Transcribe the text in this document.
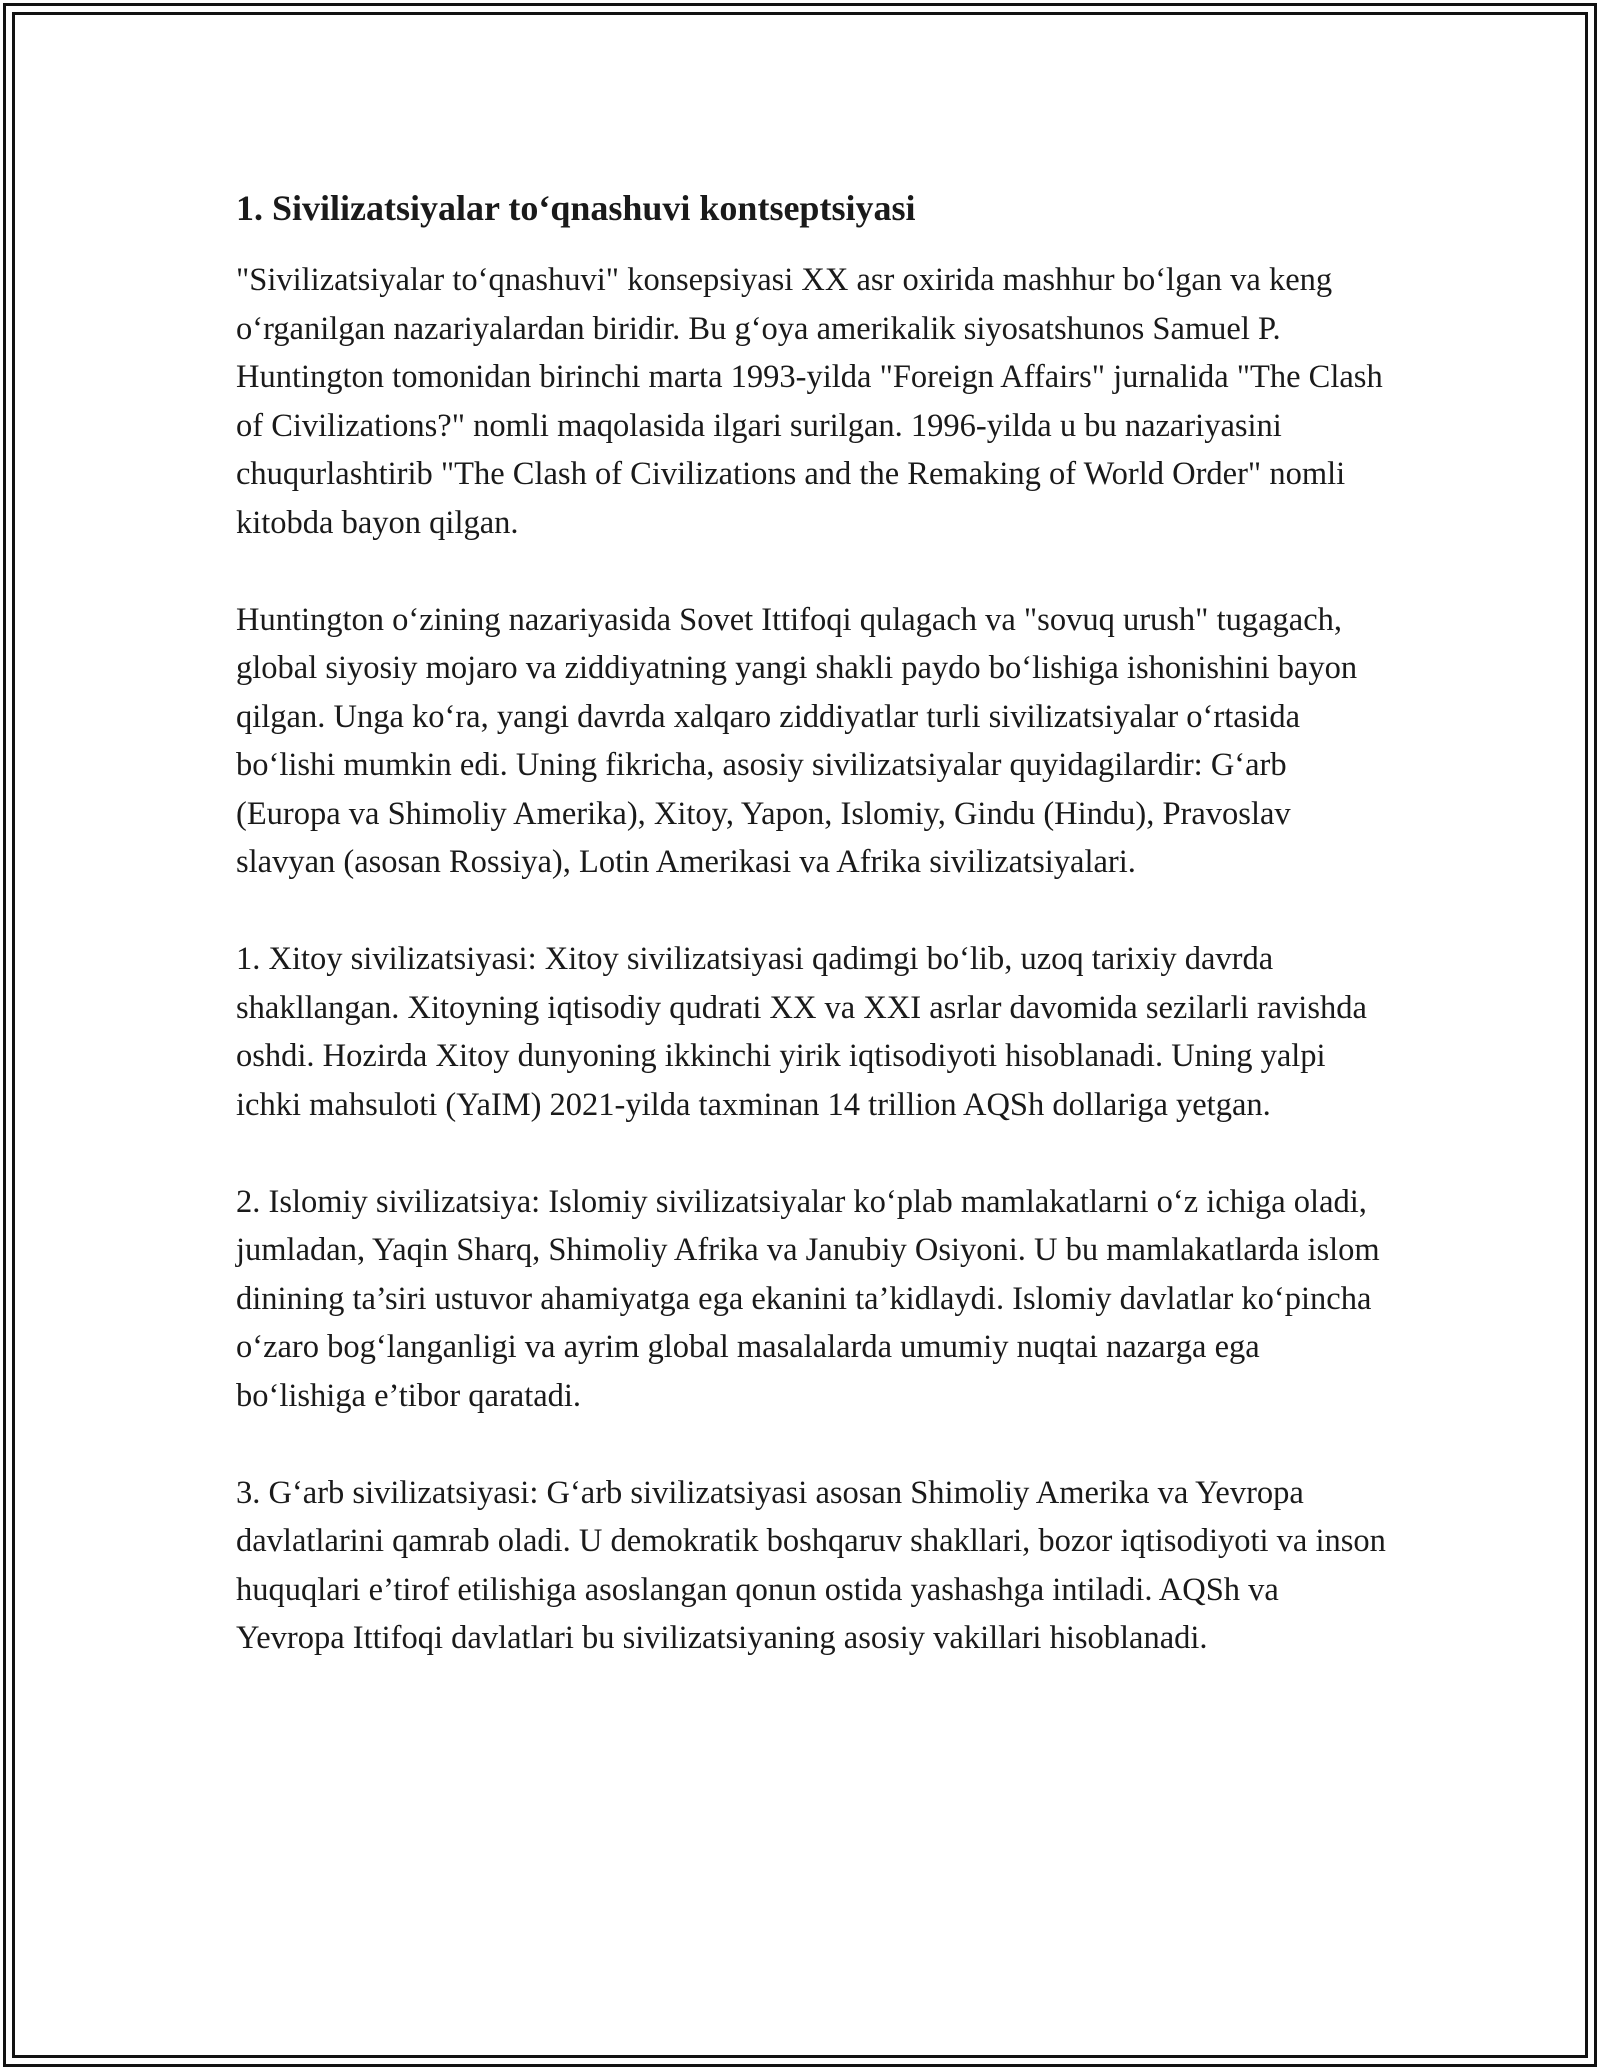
1. Sivilizatsiyalar to‘qnashuvi kontseptsiyasi

"Sivilizatsiyalar to‘qnashuvi" konsepsiyasi XX asr oxirida mashhur bo‘lgan va keng o‘rganilgan nazariyalardan biridir. Bu g‘oya amerikalik siyosatshunos Samuel P. Huntington tomonidan birinchi marta 1993-yilda "Foreign Affairs" jurnalida "The Clash of Civilizations?" nomli maqolasida ilgari surilgan. 1996-yilda u bu nazariyasini chuqurlashtirib "The Clash of Civilizations and the Remaking of World Order" nomli kitobda bayon qilgan.

Huntington o‘zining nazariyasida Sovet Ittifoqi qulagach va "sovuq urush" tugagach, global siyosiy mojaro va ziddiyatning yangi shakli paydo bo‘lishiga ishonishini bayon qilgan. Unga ko‘ra, yangi davrda xalqaro ziddiyatlar turli sivilizatsiyalar o‘rtasida bo‘lishi mumkin edi. Uning fikricha, asosiy sivilizatsiyalar quyidagilardir: G‘arb (Europa va Shimoliy Amerika), Xitoy, Yapon, Islomiy, Gindu (Hindu), Pravoslav slavyan (asosan Rossiya), Lotin Amerikasi va Afrika sivilizatsiyalari.

1. Xitoy sivilizatsiyasi: Xitoy sivilizatsiyasi qadimgi bo‘lib, uzoq tarixiy davrda shakllangan. Xitoyning iqtisodiy qudrati XX va XXI asrlar davomida sezilarli ravishda oshdi. Hozirda Xitoy dunyoning ikkinchi yirik iqtisodiyoti hisoblanadi. Uning yalpi ichki mahsuloti (YaIM) 2021-yilda taxminan 14 trillion AQSh dollariga yetgan.

2. Islomiy sivilizatsiya: Islomiy sivilizatsiyalar ko‘plab mamlakatlarni o‘z ichiga oladi, jumladan, Yaqin Sharq, Shimoliy Afrika va Janubiy Osiyoni. U bu mamlakatlarda islom dinining ta’siri ustuvor ahamiyatga ega ekanini ta’kidlaydi. Islomiy davlatlar ko‘pincha o‘zaro bog‘langanligi va ayrim global masalalarda umumiy nuqtai nazarga ega bo‘lishiga e’tibor qaratadi.

3. G‘arb sivilizatsiyasi: G‘arb sivilizatsiyasi asosan Shimoliy Amerika va Yevropa davlatlarini qamrab oladi. U demokratik boshqaruv shakllari, bozor iqtisodiyoti va inson huquqlari e’tirof etilishiga asoslangan qonun ostida yashashga intiladi. AQSh va Yevropa Ittifoqi davlatlari bu sivilizatsiyaning asosiy vakillari hisoblanadi.
